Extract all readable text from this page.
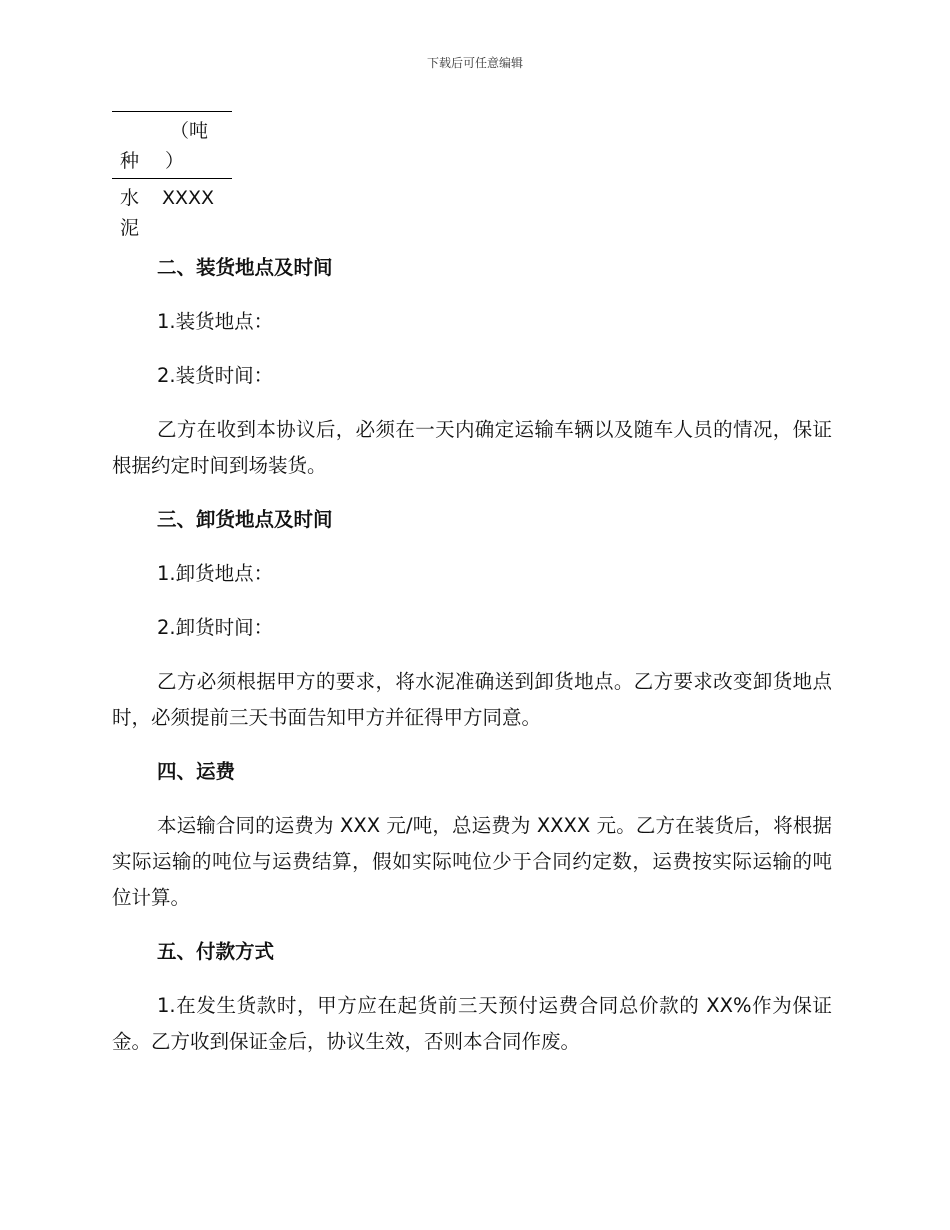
下载后可任意编辑
（吨
种 ）
水
泥
XXXX
二、装货地点及时间
1.装货地点：
2.装货时间：
乙方在收到本协议后，必须在一天内确定运输车辆以及随车人员的情况，保证根据约定时间到场装货。
三、卸货地点及时间
1.卸货地点：
2.卸货时间：
乙方必须根据甲方的要求，将水泥准确送到卸货地点。乙方要求改变卸货地点时，必须提前三天书面告知甲方并征得甲方同意。
四、运费
本运输合同的运费为 XXX 元/吨，总运费为 XXXX 元。乙方在装货后，将根据实际运输的吨位与运费结算，假如实际吨位少于合同约定数，运费按实际运输的吨位计算。
五、付款方式
1.在发生货款时，甲方应在起货前三天预付运费合同总价款的 XX%作为保证金。乙方收到保证金后，协议生效，否则本合同作废。
